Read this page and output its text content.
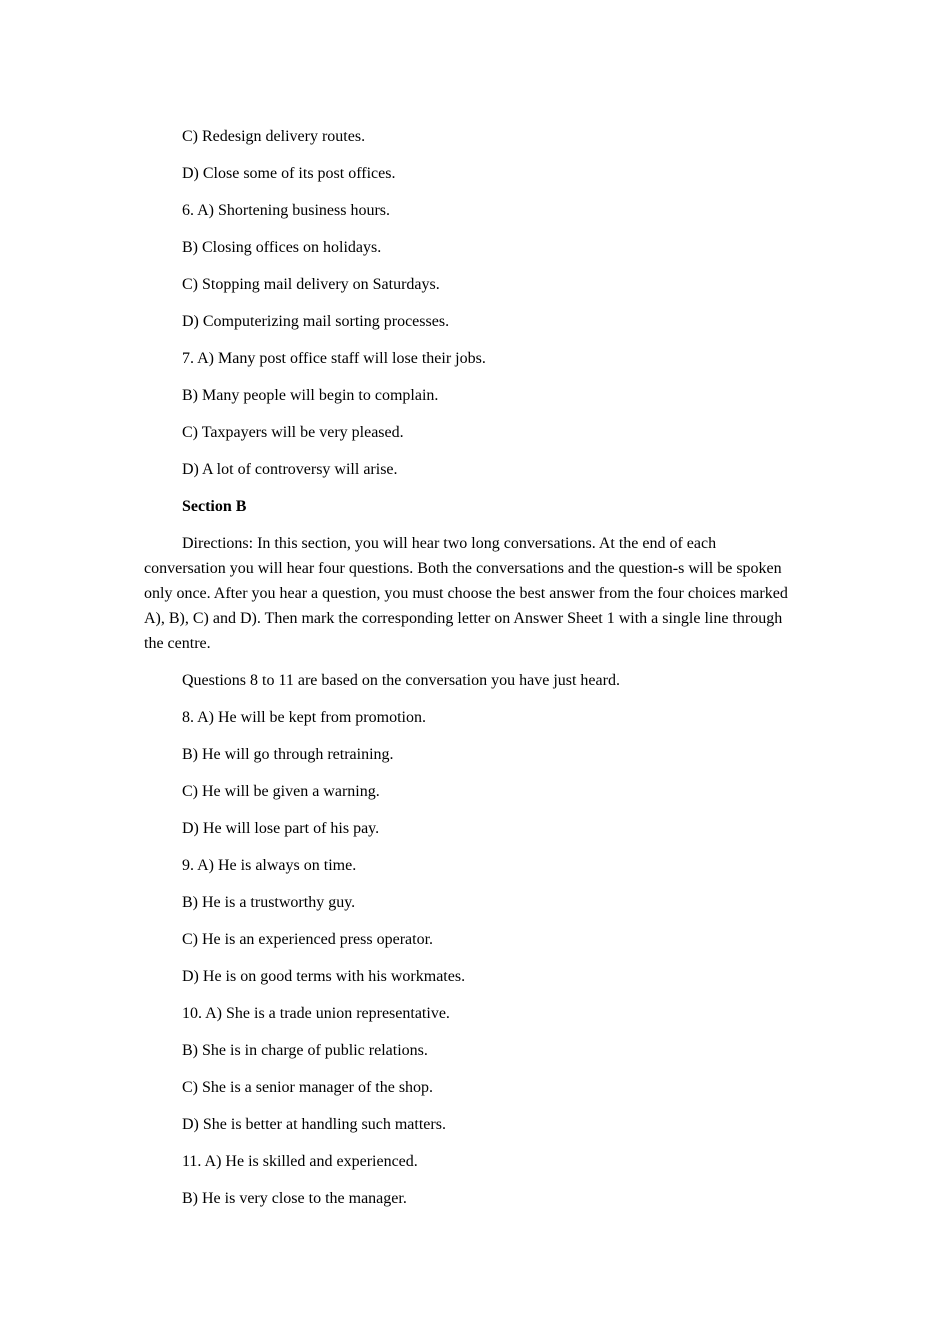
C) Redesign delivery routes.

D) Close some of its post offices.

6. A) Shortening business hours.

B) Closing offices on holidays.

C) Stopping mail delivery on Saturdays.

D) Computerizing mail sorting processes.

7. A) Many post office staff will lose their jobs.

B) Many people will begin to complain.

C) Taxpayers will be very pleased.

D) A lot of controversy will arise.

Section B

Directions: In this section, you will hear two long conversations. At the end of each conversation you will hear four questions. Both the conversations and the question-s will be spoken only once. After you hear a question, you must choose the best answer from the four choices marked A), B), C) and D). Then mark the corresponding letter on Answer Sheet 1 with a single line through the centre.

Questions 8 to 11 are based on the conversation you have just heard.

8. A) He will be kept from promotion.

B) He will go through retraining.

C) He will be given a warning.

D) He will lose part of his pay.

9. A) He is always on time.

B) He is a trustworthy guy.

C) He is an experienced press operator.

D) He is on good terms with his workmates.

10. A) She is a trade union representative.

B) She is in charge of public relations.

C) She is a senior manager of the shop.

D) She is better at handling such matters.

11. A) He is skilled and experienced.

B) He is very close to the manager.
